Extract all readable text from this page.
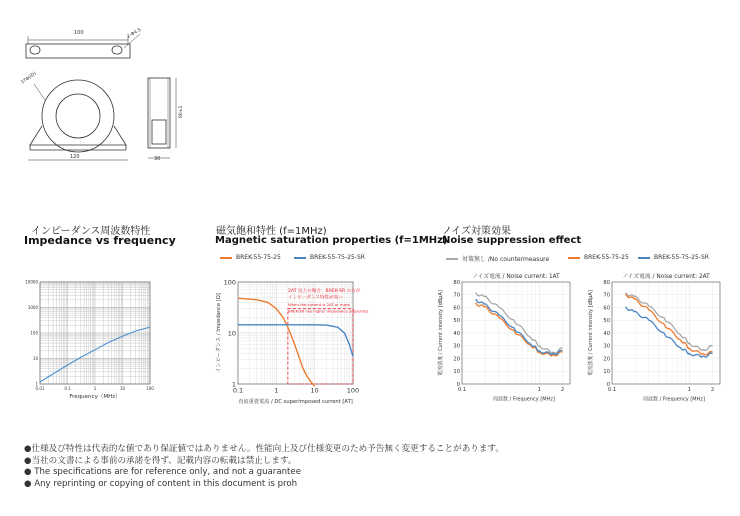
100	2-Φ4.5
37Φ(ID)
120
86±1
30
インピーダンス周波数特性
Impedance vs frequency
磁気飽和特性 (f=1MHz)
Magnetic saturation properties (f=1MHz)
ノイズ対策効果
Noise suppression effect
BREK-55-75-25	BREK-55-75-25-SR	対策無し /No countermeasure	BREK-55-75-25	BREK-55-75-25-SR
0.01	0.1	1	10	100
10000
1000
100
10
1
Frequency（MHz）
0.1	1	10	100
100
10
1
直流重畳電流 / DC superimposed current [AT]
インピーダンス / Impedance [Ω]
2AT 以上の場合、BREK-SR の方が
インピーダンス特性が高い
When the current is 2AT or more
BREK-SR has higher impedance properties
0.1	1	2
80
70
60
50
40
30
20
10
0
周波数 / Frequency [MHz]
電流強度 / Current intensity [dBμA]
ノイズ電流 / Noise current: 1AT
0.1	1	2
80
70
60
50
40
30
20
10
0
周波数 / Frequency [MHz]
電流強度 / Current intensity [dBμA]
ノイズ電流 / Noise current: 2AT
●仕様及び特性は代表的な値であり保証値ではありません。性能向上及び仕様変更のため予告無く変更することがあります。
●当社の文書による事前の承諾を得ず、記載内容の転載は禁止します。
● The specifications are for reference only, and not a guarantee
● Any reprinting or copying of content in this document is proh
